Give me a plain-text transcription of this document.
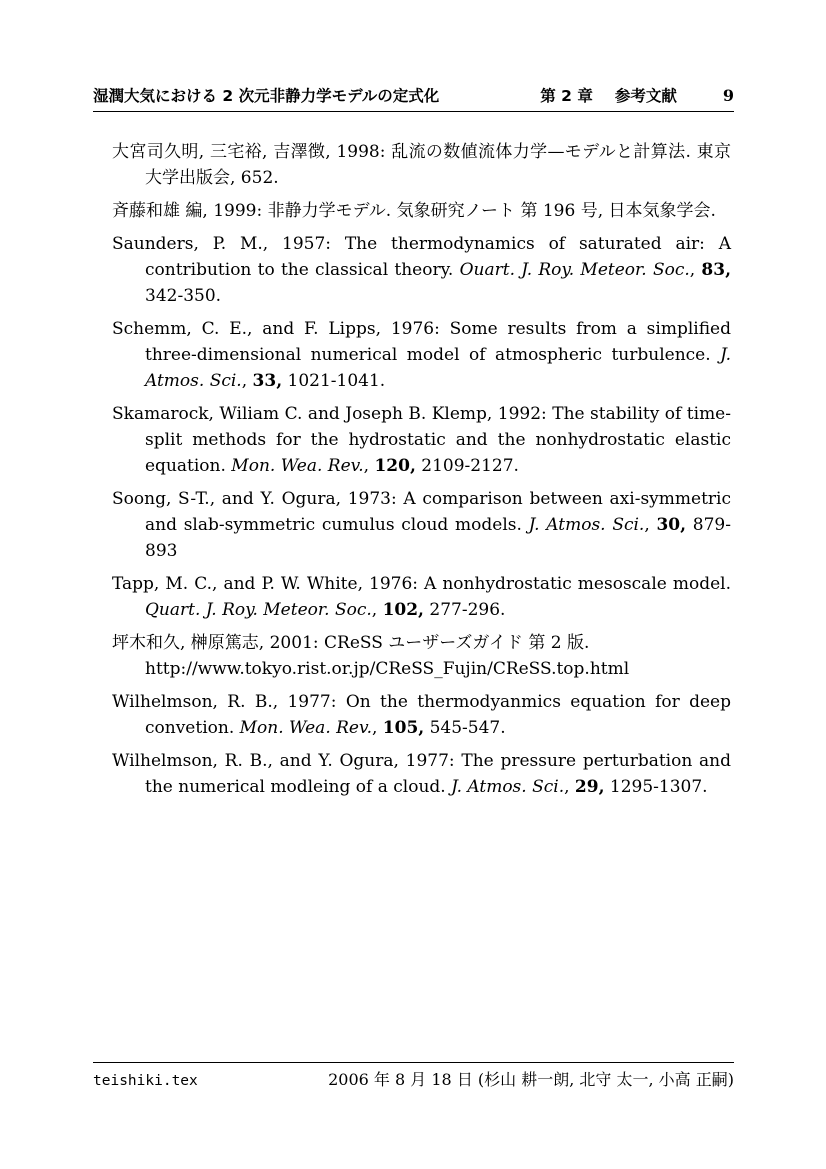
湿潤大気における 2 次元非静力学モデルの定式化	第 2 章 参考文献	9

大宮司久明, 三宅裕, 吉澤徴, 1998: 乱流の数値流体力学—モデルと計算法. 東京大学出版会, 652.

斉藤和雄 編, 1999: 非静力学モデル. 気象研究ノート 第 196 号, 日本気象学会.

Saunders, P. M., 1957: The thermodynamics of saturated air: A contribution to the classical theory. Ouart. J. Roy. Meteor. Soc., 83, 342-350.

Schemm, C. E., and F. Lipps, 1976: Some results from a simplified three-dimensional numerical model of atmospheric turbulence. J. Atmos. Sci., 33, 1021-1041.

Skamarock, Wiliam C. and Joseph B. Klemp, 1992: The stability of time-split methods for the hydrostatic and the nonhydrostatic elastic equation. Mon. Wea. Rev., 120, 2109-2127.

Soong, S-T., and Y. Ogura, 1973: A comparison between axi-symmetric and slab-symmetric cumulus cloud models. J. Atmos. Sci., 30, 879-893

Tapp, M. C., and P. W. White, 1976: A nonhydrostatic mesoscale model. Quart. J. Roy. Meteor. Soc., 102, 277-296.

坪木和久, 榊原篤志, 2001: CReSS ユーザーズガイド 第 2 版.
http://www.tokyo.rist.or.jp/CReSS_Fujin/CReSS.top.html

Wilhelmson, R. B., 1977: On the thermodyanmics equation for deep convetion. Mon. Wea. Rev., 105, 545-547.

Wilhelmson, R. B., and Y. Ogura, 1977: The pressure perturbation and the numerical modleing of a cloud. J. Atmos. Sci., 29, 1295-1307.

teishiki.tex	2006 年 8 月 18 日 (杉山 耕一朗, 北守 太一, 小高 正嗣)
